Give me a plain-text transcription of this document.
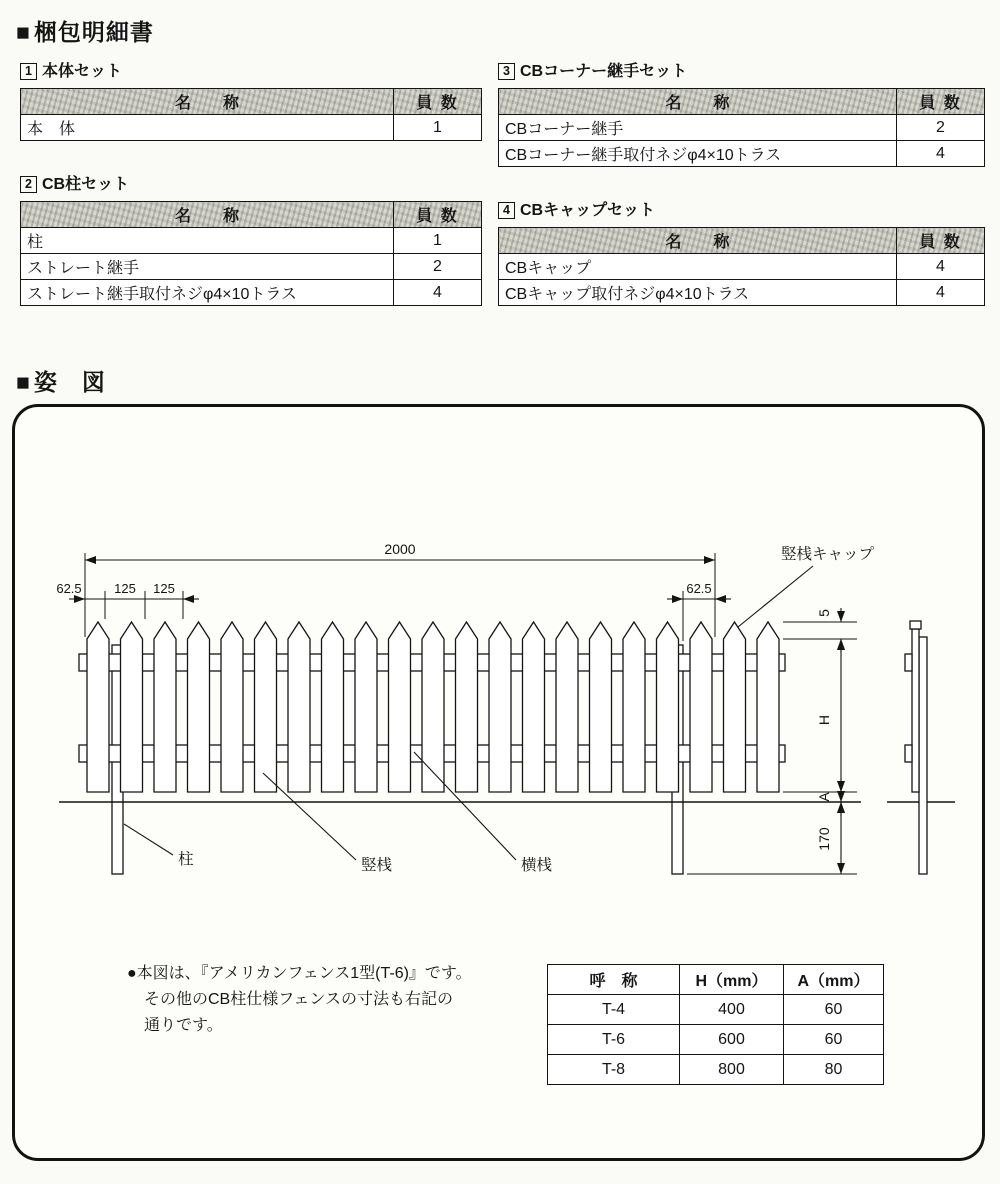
■ 梱包明細書
1 本体セット
名　　称	員 数
本　体	1
2 CB柱セット
名　　称	員 数
柱	1
ストレート継手	2
ストレート継手取付ネジφ4×10トラス	4
3 CBコーナー継手セット
名　　称	員 数
CBコーナー継手	2
CBコーナー継手取付ネジφ4×10トラス	4
4 CBキャップセット
名　　称	員 数
CBキャップ	4
CBキャップ取付ネジφ4×10トラス	4
■ 姿　図
2000
62.5 125 125	62.5
5
H
A
170
竪桟キャップ
柱	竪桟	横桟
●本図は、『アメリカンフェンス1型(T-6)』です。
その他のCB柱仕様フェンスの寸法も右記の
通りです。
呼　称	H（mm）	A（mm）
T-4	400	60
T-6	600	60
T-8	800	80
